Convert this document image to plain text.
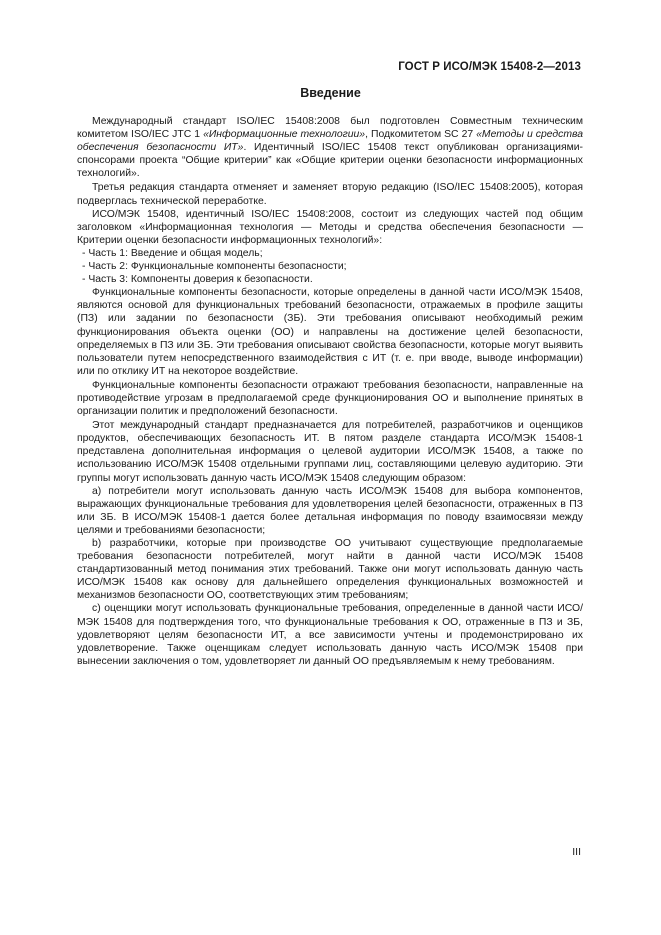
ГОСТ Р ИСО/МЭК 15408-2—2013
Введение

Международный стандарт ISO/IEC 15408:2008 был подготовлен Совместным техническим комитетом ISO/IEC JTC 1 «Информационные технологии», Подкомитетом SC 27 «Методы и средства обеспечения безопасности ИТ». Идентичный ISO/IEC 15408 текст опубликован организациями-спонсорами проекта “Общие критерии” как «Общие критерии оценки безопасности информационных технологий».

Третья редакция стандарта отменяет и заменяет вторую редакцию (ISO/IEC 15408:2005), которая подверглась технической переработке.

ИСО/МЭК 15408, идентичный ISO/IEC 15408:2008, состоит из следующих частей под общим заголовком «Информационная технология — Методы и средства обеспечения безопасности — Критерии оценки безопасности информационных технологий»:

- Часть 1: Введение и общая модель;

- Часть 2: Функциональные компоненты безопасности;

- Часть 3: Компоненты доверия к безопасности.

Функциональные компоненты безопасности, которые определены в данной части ИСО/МЭК 15408, являются основой для функциональных требований безопасности, отражаемых в профиле защиты (ПЗ) или задании по безопасности (ЗБ). Эти требования описывают необходимый режим функционирования объекта оценки (ОО) и направлены на достижение целей безопасности, определяемых в ПЗ или ЗБ. Эти требования описывают свойства безопасности, которые могут выявить пользователи путем непосредственного взаимодействия с ИТ (т. е. при вводе, выводе информации) или по отклику ИТ на некоторое воздействие.

Функциональные компоненты безопасности отражают требования безопасности, направленные на противодействие угрозам в предполагаемой среде функционирования ОО и выполнение принятых в организации политик и предположений безопасности.

Этот международный стандарт предназначается для потребителей, разработчиков и оценщиков продуктов, обеспечивающих безопасность ИТ. В пятом разделе стандарта ИСО/МЭК 15408-1 представлена дополнительная информация о целевой аудитории ИСО/МЭК 15408, а также по использованию ИСО/МЭК 15408 отдельными группами лиц, составляющими целевую аудиторию. Эти группы могут использовать данную часть ИСО/МЭК 15408 следующим образом:

a) потребители могут использовать данную часть ИСО/МЭК 15408 для выбора компонентов, выражающих функциональные требования для удовлетворения целей безопасности, отраженных в ПЗ или ЗБ. В ИСО/МЭК 15408-1 дается более детальная информация по поводу взаимосвязи между целями и требованиями безопасности;

b) разработчики, которые при производстве ОО учитывают существующие предполагаемые требования безопасности потребителей, могут найти в данной части ИСО/МЭК 15408 стандартизованный метод понимания этих требований. Также они могут использовать данную часть ИСО/МЭК 15408 как основу для дальнейшего определения функциональных возможностей и механизмов безопасности ОО, соответствующих этим требованиям;

c) оценщики могут использовать функциональные требования, определенные в данной части ИСО/МЭК 15408 для подтверждения того, что функциональные требования к ОО, отраженные в ПЗ и ЗБ, удовлетворяют целям безопасности ИТ, а все зависимости учтены и продемонстрировано их удовлетворение. Также оценщикам следует использовать данную часть ИСО/МЭК 15408 при вынесении заключения о том, удовлетворяет ли данный ОО предъявляемым к нему требованиям.

III
